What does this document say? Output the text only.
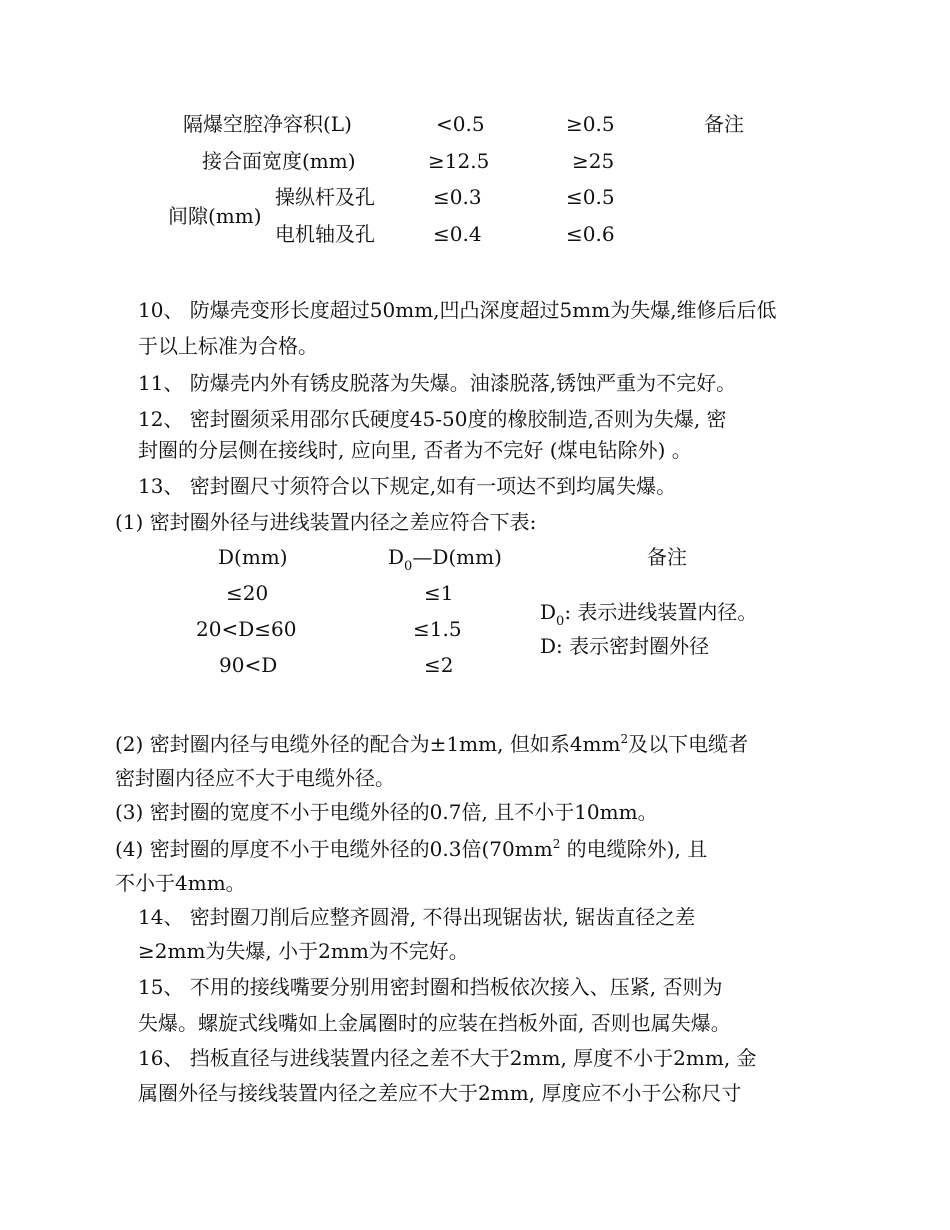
隔爆空腔净容积(L)	<0.5	≥0.5	备注
接合面宽度(mm)	≥12.5	≥25
间隙(mm)
操纵杆及孔	≤0.3	≤0.5
电机轴及孔	≤0.4	≤0.6
10、 防爆壳变形长度超过50mm,凹凸深度超过5mm为失爆,维修后后低
于以上标准为合格。
11、 防爆壳内外有锈皮脱落为失爆。油漆脱落,锈蚀严重为不完好。
12、 密封圈须采用邵尔氏硬度45-50度的橡胶制造,否则为失爆, 密
封圈的分层侧在接线时, 应向里, 否者为不完好 (煤电钻除外) 。
13、 密封圈尺寸须符合以下规定,如有一项达不到均属失爆。
(1) 密封圈外径与进线装置内径之差应符合下表:
D(mm)	$D_0—D(mm)$	备注
≤20	≤1
20<D≤60	≤1.5
90<D	≤2
$D_0$: 表示进线装置内径。
D: 表示密封圈外径
(2) 密封圈内径与电缆外径的配合为±1mm, 但如系$4mm^2$及以下电缆者
密封圈内径应不大于电缆外径。
(3) 密封圈的宽度不小于电缆外径的0.7倍, 且不小于10mm。
(4) 密封圈的厚度不小于电缆外径的0.3倍($70mm^2$ 的电缆除外), 且
不小于4mm。
14、 密封圈刀削后应整齐圆滑, 不得出现锯齿状, 锯齿直径之差
≥2mm为失爆, 小于2mm为不完好。
15、 不用的接线嘴要分别用密封圈和挡板依次接入、压紧, 否则为
失爆。螺旋式线嘴如上金属圈时的应装在挡板外面, 否则也属失爆。
16、 挡板直径与进线装置内径之差不大于2mm, 厚度不小于2mm, 金
属圈外径与接线装置内径之差应不大于2mm, 厚度应不小于公称尺寸
